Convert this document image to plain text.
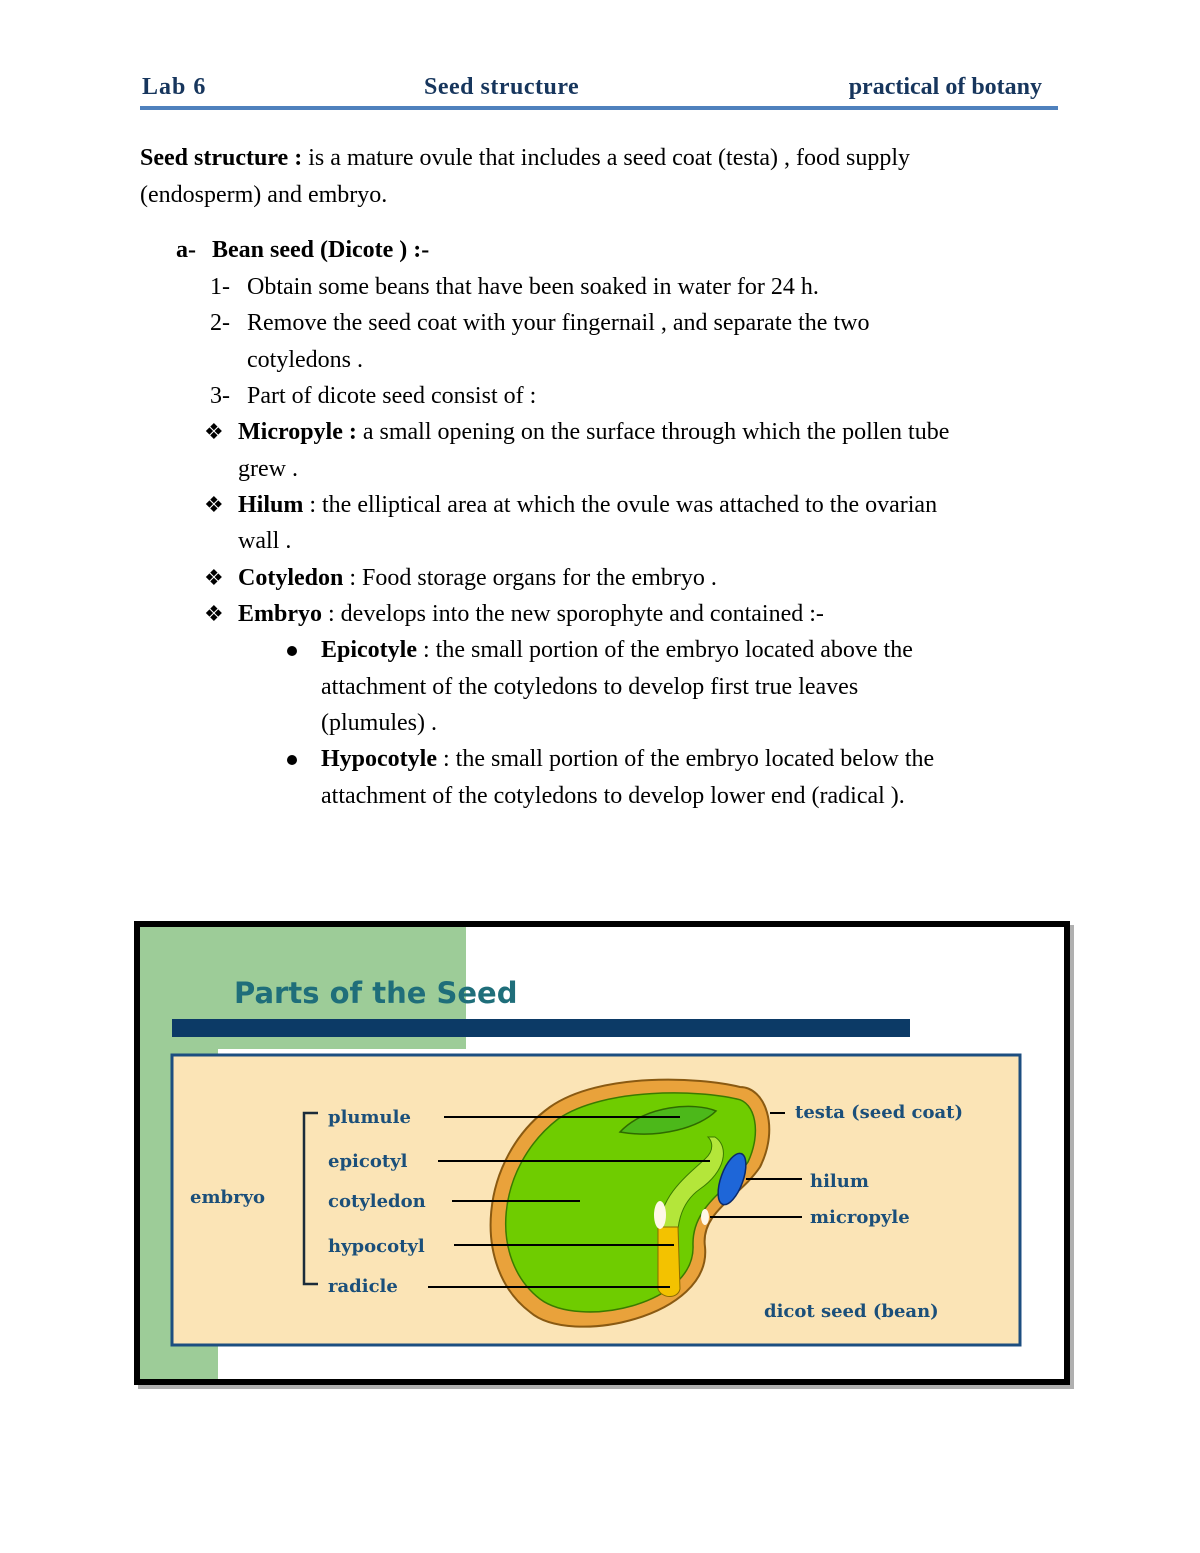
Lab 6	Seed structure	practical of botany
Seed structure : is a mature ovule that includes a seed coat (testa) , food supply
(endosperm) and embryo.
a- Bean seed (Dicote ) :-
1- Obtain some beans that have been soaked in water for 24 h.
2- Remove the seed coat with your fingernail , and separate the two
cotyledons .
3- Part of dicote seed consist of :
❖ Micropyle : a small opening on the surface through which the pollen tube
grew .
❖ Hilum : the elliptical area at which the ovule was attached to the ovarian
wall .
❖ Cotyledon : Food storage organs for the embryo .
❖ Embryo : develops into the new sporophyte and contained :-
Epicotyle : the small portion of the embryo located above the
attachment of the cotyledons to develop first true leaves
(plumules) .
Hypocotyle : the small portion of the embryo located below the
attachment of the cotyledons to develop lower end (radical ).
Parts of the Seed
embryo
plumule
epicotyl
cotyledon
hypocotyl
radicle
testa (seed coat)
hilum
micropyle
dicot seed (bean)
